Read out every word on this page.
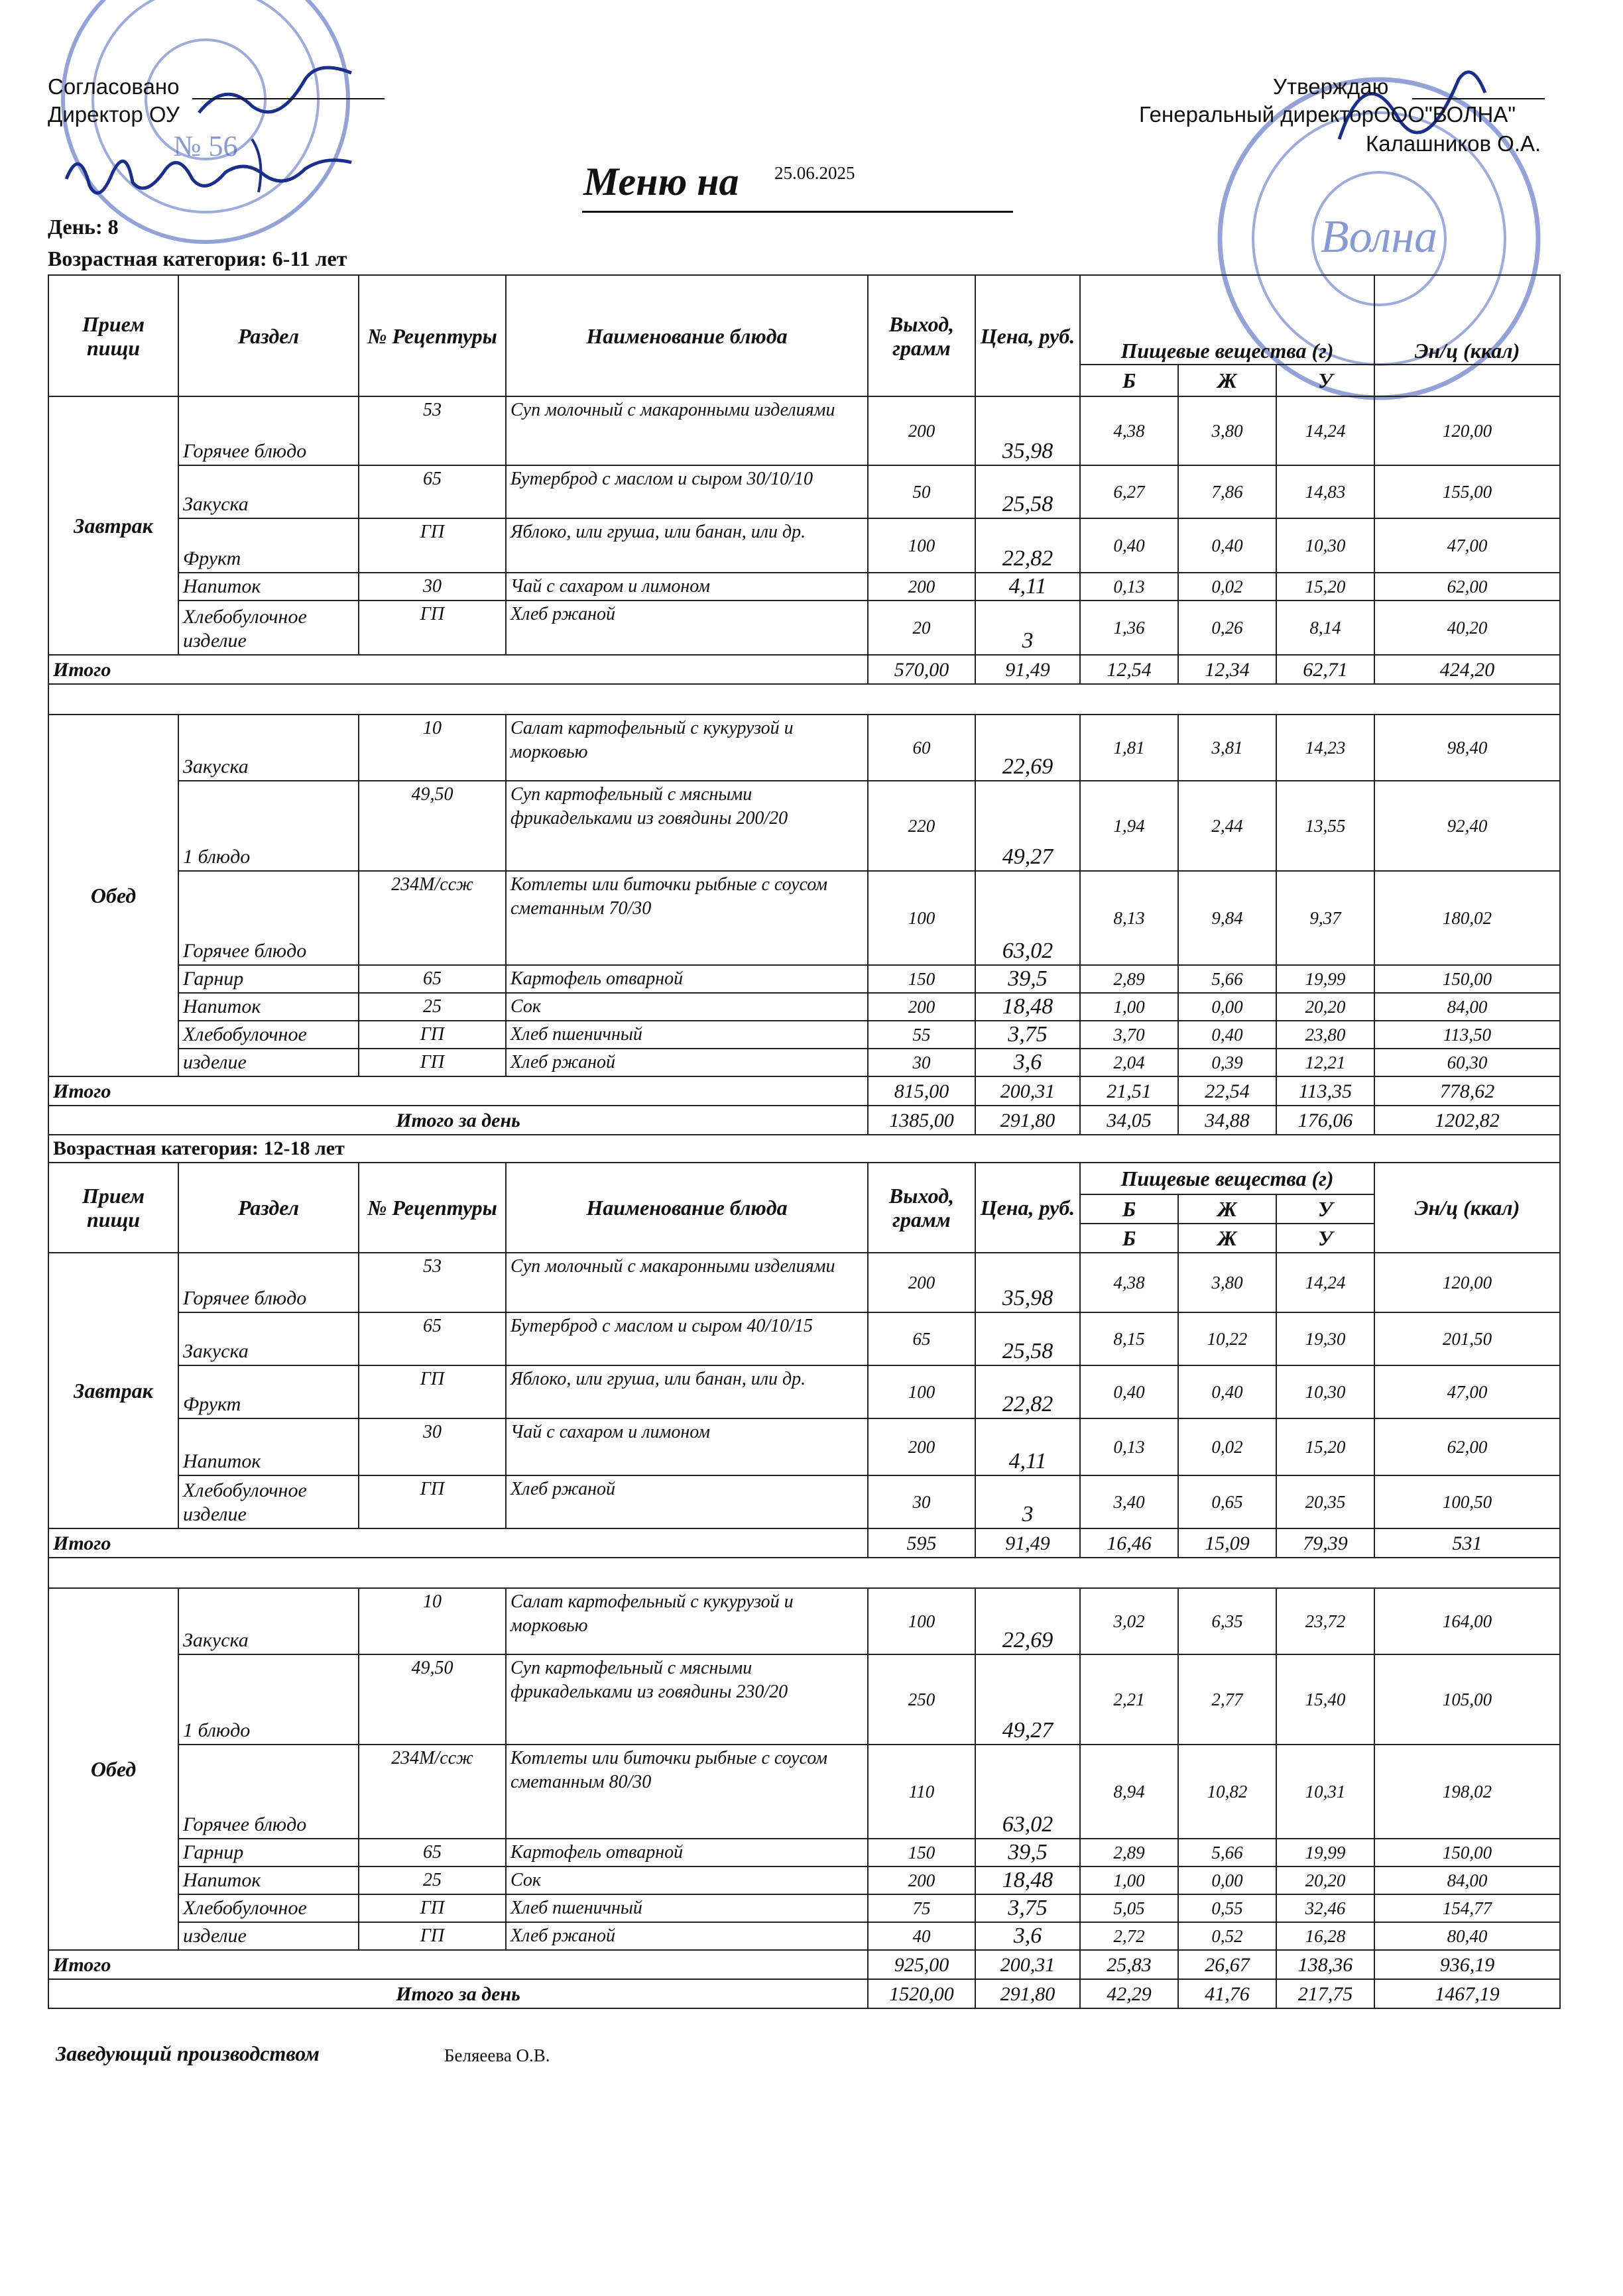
№ 56
Волна
Согласовано
Директор ОУ
Утверждаю
Генеральный директорООО"ВОЛНА"
Калашников О.А.
Меню на 25.06.2025
День: 8
Возрастная категория: 6-11 лет
Прием пищи	Раздел	№ Рецептуры	Наименование блюда	Выход, грамм	Цена, руб.	Пищевые вещества (г)			Эн/ц (ккал)
						Б	Ж	У	
Завтрак	Горячее блюдо	53	Суп молочный с макаронными изделиями	200	35,98	4,38	3,80	14,24	120,00
	Закуска	65	Бутерброд с маслом и сыром 30/10/10	50	25,58	6,27	7,86	14,83	155,00
	Фрукт	ГП	Яблоко, или груша, или банан, или др.	100	22,82	0,40	0,40	10,30	47,00
	Напиток	30	Чай с сахаром и лимоном	200	4,11	0,13	0,02	15,20	62,00
	Хлебобулочное изделие	ГП	Хлеб ржаной	20	3	1,36	0,26	8,14	40,20
Итого				570,00	91,49	12,54	12,34	62,71	424,20

Обед	Закуска	10	Салат картофельный с кукурузой и морковью	60	22,69	1,81	3,81	14,23	98,40
	1 блюдо	49,50	Суп картофельный с мясными фрикадельками из говядины 200/20	220	49,27	1,94	2,44	13,55	92,40
	Горячее блюдо	234М/ссж	Котлеты или биточки рыбные с соусом сметанным 70/30	100	63,02	8,13	9,84	9,37	180,02
	Гарнир	65	Картофель отварной	150	39,5	2,89	5,66	19,99	150,00
	Напиток	25	Сок	200	18,48	1,00	0,00	20,20	84,00
	Хлебобулочное	ГП	Хлеб пшеничный	55	3,75	3,70	0,40	23,80	113,50
	изделие	ГП	Хлеб ржаной	30	3,6	2,04	0,39	12,21	60,30
Итого				815,00	200,31	21,51	22,54	113,35	778,62
Итого за день				1385,00	291,80	34,05	34,88	176,06	1202,82
Возрастная категория: 12-18 лет									
Прием пищи	Раздел	№ Рецептуры	Наименование блюда	Выход, грамм	Цена, руб.	Пищевые вещества (г)			Эн/ц (ккал)
						Б	Ж	У	
						Б	Ж	У	
Завтрак	Горячее блюдо	53	Суп молочный с макаронными изделиями	200	35,98	4,38	3,80	14,24	120,00
	Закуска	65	Бутерброд с маслом и сыром 40/10/15	65	25,58	8,15	10,22	19,30	201,50
	Фрукт	ГП	Яблоко, или груша, или банан, или др.	100	22,82	0,40	0,40	10,30	47,00
	Напиток	30	Чай с сахаром и лимоном	200	4,11	0,13	0,02	15,20	62,00
	Хлебобулочное изделие	ГП	Хлеб ржаной	30	3	3,40	0,65	20,35	100,50
Итого				595	91,49	16,46	15,09	79,39	531

Обед	Закуска	10	Салат картофельный с кукурузой и морковью	100	22,69	3,02	6,35	23,72	164,00
	1 блюдо	49,50	Суп картофельный с мясными фрикадельками из говядины 230/20	250	49,27	2,21	2,77	15,40	105,00
	Горячее блюдо	234М/ссж	Котлеты или биточки рыбные с соусом сметанным 80/30	110	63,02	8,94	10,82	10,31	198,02
	Гарнир	65	Картофель отварной	150	39,5	2,89	5,66	19,99	150,00
	Напиток	25	Сок	200	18,48	1,00	0,00	20,20	84,00
	Хлебобулочное	ГП	Хлеб пшеничный	75	3,75	5,05	0,55	32,46	154,77
	изделие	ГП	Хлеб ржаной	40	3,6	2,72	0,52	16,28	80,40
Итого				925,00	200,31	25,83	26,67	138,36	936,19
Итого за день				1520,00	291,80	42,29	41,76	217,75	1467,19
Заведующий производством	Беляеева О.В.
